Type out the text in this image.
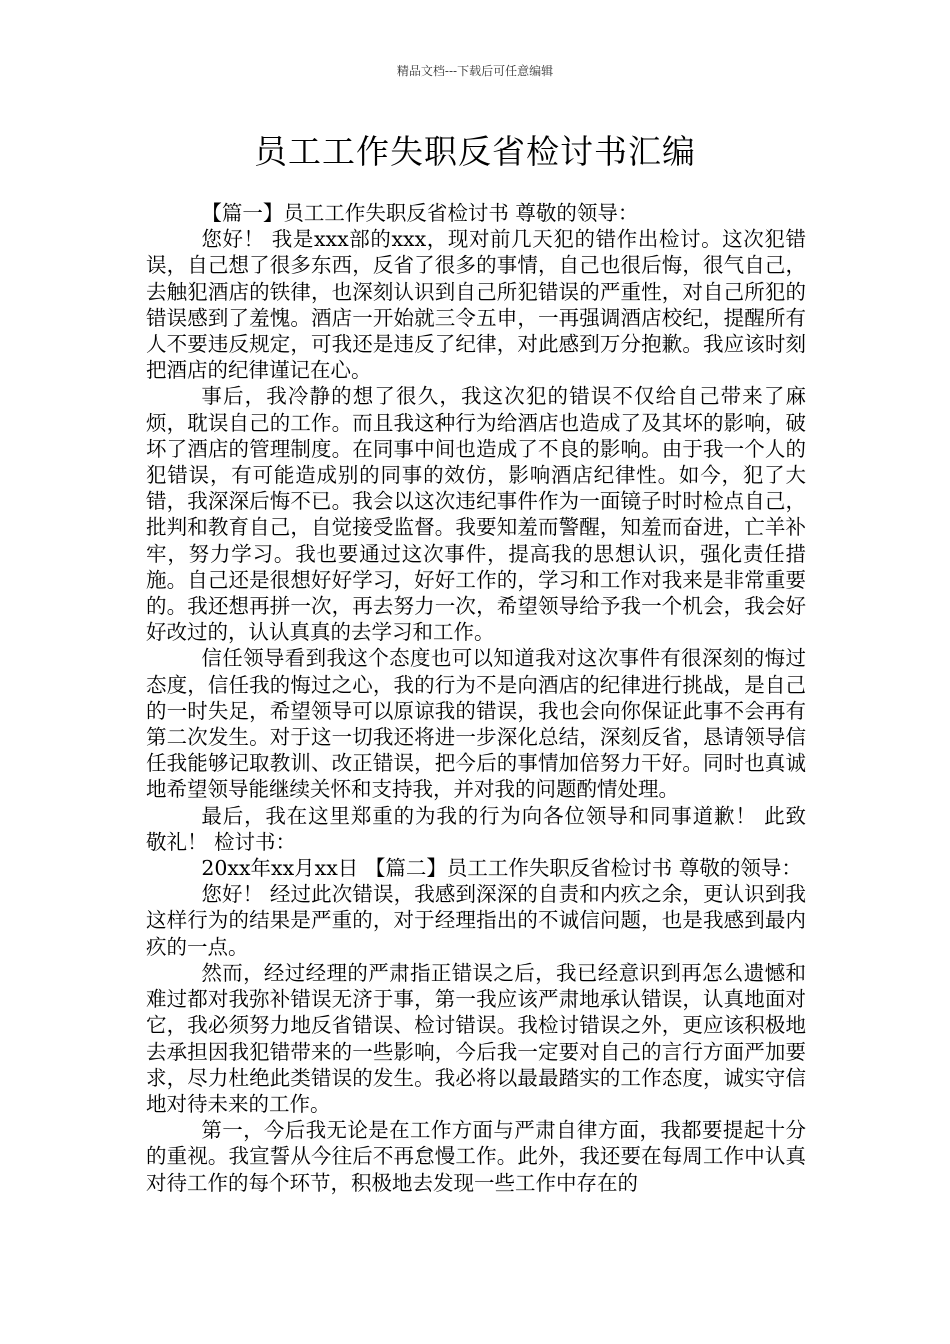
精品文档---下载后可任意编辑
员工工作失职反省检讨书汇编

【篇一】员工工作失职反省检讨书 尊敬的领导：

您好！ 我是xxx部的xxx，现对前几天犯的错作出检讨。这次犯错误，自己想了很多东西，反省了很多的事情，自己也很后悔，很气自己，去触犯酒店的铁律，也深刻认识到自己所犯错误的严重性，对自己所犯的错误感到了羞愧。酒店一开始就三令五申，一再强调酒店校纪，提醒所有人不要违反规定，可我还是违反了纪律，对此感到万分抱歉。我应该时刻把酒店的纪律谨记在心。

事后，我冷静的想了很久，我这次犯的错误不仅给自己带来了麻烦，耽误自己的工作。而且我这种行为给酒店也造成了及其坏的影响，破坏了酒店的管理制度。在同事中间也造成了不良的影响。由于我一个人的犯错误，有可能造成别的同事的效仿，影响酒店纪律性。如今，犯了大错，我深深后悔不已。我会以这次违纪事件作为一面镜子时时检点自己，批判和教育自己，自觉接受监督。我要知羞而警醒，知羞而奋进，亡羊补牢，努力学习。我也要通过这次事件，提高我的思想认识，强化责任措施。自己还是很想好好学习，好好工作的，学习和工作对我来是非常重要的。我还想再拼一次，再去努力一次，希望领导给予我一个机会，我会好好改过的，认认真真的去学习和工作。

信任领导看到我这个态度也可以知道我对这次事件有很深刻的悔过态度，信任我的悔过之心，我的行为不是向酒店的纪律进行挑战，是自己的一时失足，希望领导可以原谅我的错误，我也会向你保证此事不会再有第二次发生。对于这一切我还将进一步深化总结，深刻反省，恳请领导信任我能够记取教训、改正错误，把今后的事情加倍努力干好。同时也真诚地希望领导能继续关怀和支持我，并对我的问题酌情处理。

最后，我在这里郑重的为我的行为向各位领导和同事道歉！ 此致 敬礼！ 检讨书：

20xx年xx月xx日 【篇二】员工工作失职反省检讨书 尊敬的领导：

您好！ 经过此次错误，我感到深深的自责和内疚之余，更认识到我这样行为的结果是严重的，对于经理指出的不诚信问题，也是我感到最内疚的一点。

然而，经过经理的严肃指正错误之后，我已经意识到再怎么遗憾和难过都对我弥补错误无济于事，第一我应该严肃地承认错误，认真地面对它，我必须努力地反省错误、检讨错误。我检讨错误之外，更应该积极地去承担因我犯错带来的一些影响，今后我一定要对自己的言行方面严加要求，尽力杜绝此类错误的发生。我必将以最最踏实的工作态度，诚实守信地对待未来的工作。

第一，今后我无论是在工作方面与严肃自律方面，我都要提起十分的重视。我宣誓从今往后不再怠慢工作。此外，我还要在每周工作中认真对待工作的每个环节，积极地去发现一些工作中存在的
